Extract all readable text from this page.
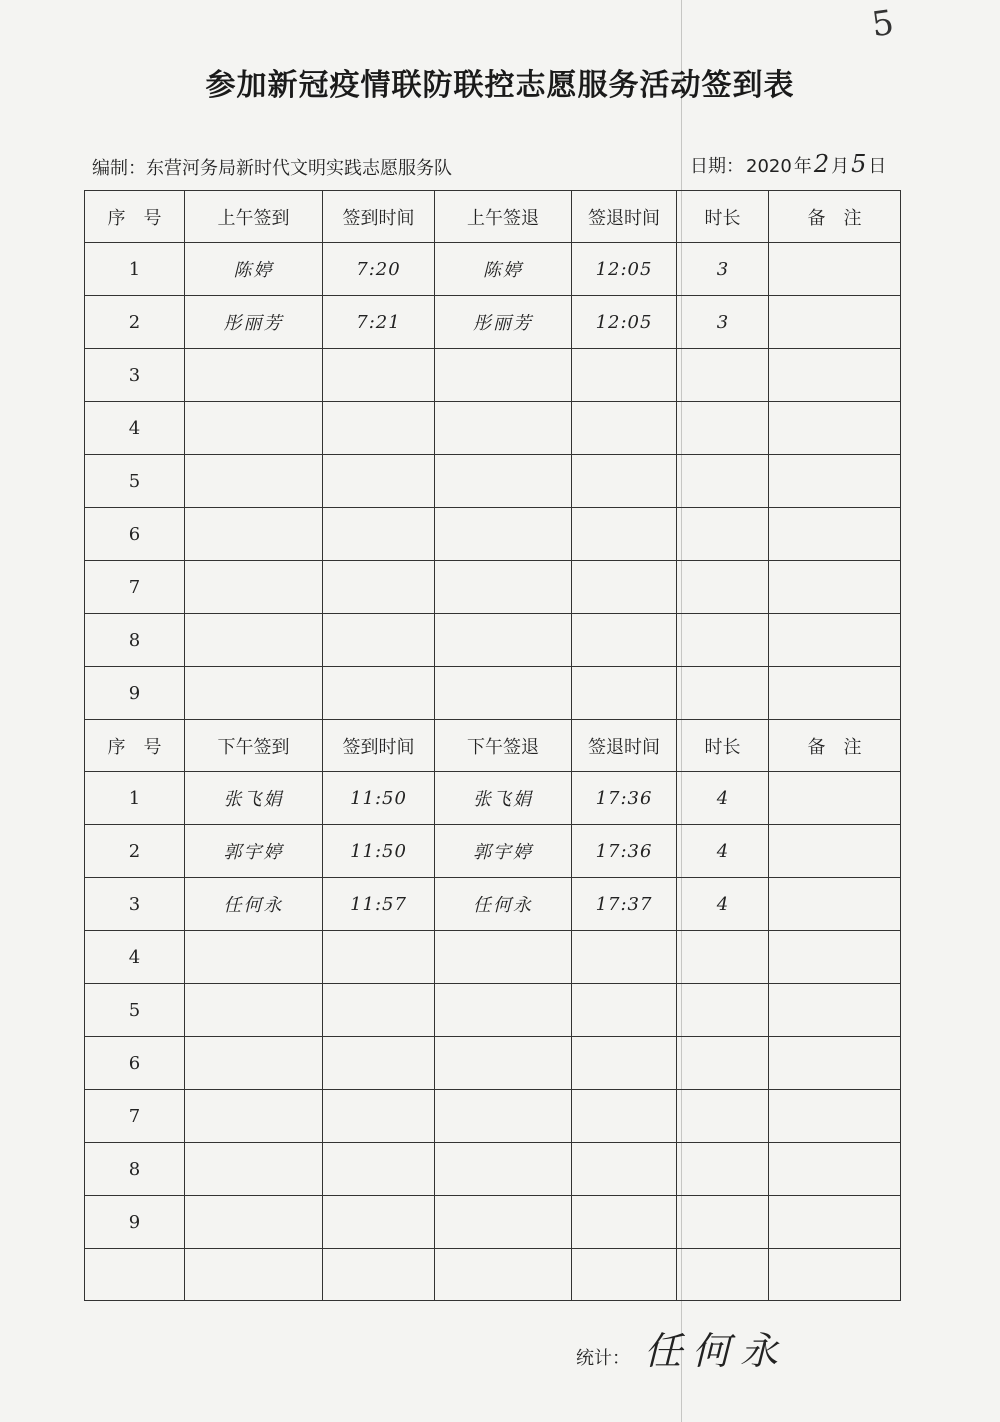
5
参加新冠疫情联防联控志愿服务活动签到表
编制：东营河务局新时代文明实践志愿服务队	日期： 2020 年 2 月 5 日
序　号	上午签到	签到时间	上午签退	签退时间	时长	备　注
1	陈婷	7:20	陈婷	12:05	3	
2	彤丽芳	7:21	彤丽芳	12:05	3	
3						
4						
5						
6						
7						
8						
9						
序　号	下午签到	签到时间	下午签退	签退时间	时长	备　注
1	张飞娟	11:50	张飞娟	17:36	4	
2	郭宇婷	11:50	郭宇婷	17:36	4	
3	任何永	11:57	任何永	17:37	4	
4						
5						
6						
7						
8						
9						

统计： 任何永
